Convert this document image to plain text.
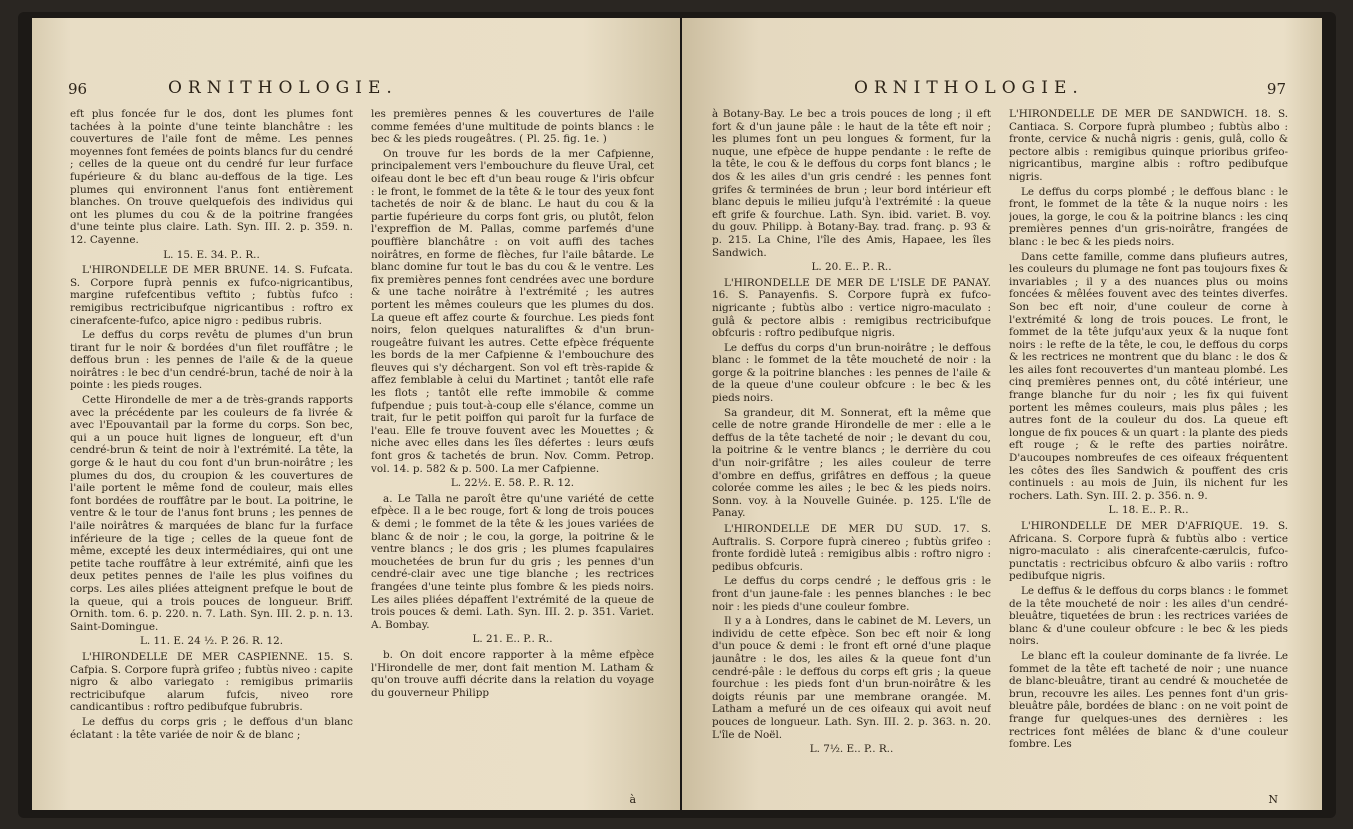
96	ORNITHOLOGIE.

eft plus foncée fur le dos, dont les plumes font tachées à la pointe d'une teinte blanchâtre : les couvertures de l'aile font de même. Les pennes moyennes font femées de points blancs fur du cendré ; celles de la queue ont du cendré fur leur furface fupérieure & du blanc au-deffous de la tige. Les plumes qui environnent l'anus font entièrement blanches. On trouve quelquefois des individus qui ont les plumes du cou & de la poitrine frangées d'une teinte plus claire. Lath. Syn. III. 2. p. 359. n. 12. Cayenne.

L. 15. E. 34. P.. R..

L'HIRONDELLE DE MER BRUNE. 14. S. Fufcata. S. Corpore fuprà pennis ex fufco-nigricantibus, margine rufefcentibus veftito ; fubtùs fufco : remigibus rectricibufque nigricantibus : roftro ex cinerafcente-fufco, apice nigro : pedibus rubris.

Le deffus du corps revêtu de plumes d'un brun tirant fur le noir & bordées d'un filet rouffâtre ; le deffous brun : les pennes de l'aile & de la queue noirâtres : le bec d'un cendré-brun, taché de noir à la pointe : les pieds rouges.

Cette Hirondelle de mer a de très-grands rapports avec la précédente par les couleurs de fa livrée & avec l'Epouvantail par la forme du corps. Son bec, qui a un pouce huit lignes de longueur, eft d'un cendré-brun & teint de noir à l'extrémité. La tête, la gorge & le haut du cou font d'un brun-noirâtre ; les plumes du dos, du croupion & les couvertures de l'aile portent le même fond de couleur, mais elles font bordées de rouffâtre par le bout. La poitrine, le ventre & le tour de l'anus font bruns ; les pennes de l'aile noirâtres & marquées de blanc fur la furface inférieure de la tige ; celles de la queue font de même, excepté les deux intermédiaires, qui ont une petite tache rouffâtre à leur extrémité, ainfi que les deux petites pennes de l'aile les plus voifines du corps. Les ailes pliées atteignent prefque le bout de la queue, qui a trois pouces de longueur. Briff. Ornith. tom. 6. p. 220. n. 7. Lath. Syn. III. 2. p. n. 13. Saint-Domingue.

L. 11. E. 24 ½. P. 26. R. 12.

L'HIRONDELLE DE MER CASPIENNE. 15. S. Cafpia. S. Corpore fuprà grifeo ; fubtùs niveo : capite nigro & albo variegato : remigibus primariis rectricibufque alarum fufcis, niveo rore candicantibus : roftro pedibufque fubrubris.

Le deffus du corps gris ; le deffous d'un blanc éclatant : la tête variée de noir & de blanc ;

les premières pennes & les couvertures de l'aile comme femées d'une multitude de points blancs : le bec & les pieds rougeâtres. ( Pl. 25. fig. 1e. )

On trouve fur les bords de la mer Cafpienne, principalement vers l'embouchure du fleuve Ural, cet oifeau dont le bec eft d'un beau rouge & l'iris obfcur : le front, le fommet de la tête & le tour des yeux font tachetés de noir & de blanc. Le haut du cou & la partie fupérieure du corps font gris, ou plutôt, felon l'expreffion de M. Pallas, comme parfemés d'une pouffière blanchâtre : on voit auffi des taches noirâtres, en forme de flèches, fur l'aile bâtarde. Le blanc domine fur tout le bas du cou & le ventre. Les fix premières pennes font cendrées avec une bordure & une tache noirâtre à l'extrémité ; les autres portent les mêmes couleurs que les plumes du dos. La queue eft affez courte & fourchue. Les pieds font noirs, felon quelques naturaliftes & d'un brun-rougeâtre fuivant les autres. Cette efpèce fréquente les bords de la mer Cafpienne & l'embouchure des fleuves qui s'y déchargent. Son vol eft très-rapide & affez femblable à celui du Martinet ; tantôt elle rafe les flots ; tantôt elle refte immobile & comme fufpendue ; puis tout-à-coup elle s'élance, comme un trait, fur le petit poiffon qui paroît fur la furface de l'eau. Elle fe trouve fouvent avec les Mouettes ; & niche avec elles dans les îles défertes : leurs œufs font gros & tachetés de brun. Nov. Comm. Petrop. vol. 14. p. 582 & p. 500. La mer Cafpienne.

L. 22½. E. 58. P.. R. 12.

a. Le Talla ne paroît être qu'une variété de cette efpèce. Il a le bec rouge, fort & long de trois pouces & demi ; le fommet de la tête & les joues variées de blanc & de noir ; le cou, la gorge, la poitrine & le ventre blancs ; le dos gris ; les plumes fcapulaires mouchetées de brun fur du gris ; les pennes d'un cendré-clair avec une tige blanche ; les rectrices frangées d'une teinte plus fombre & les pieds noirs. Les ailes pliées dépaffent l'extrémité de la queue de trois pouces & demi. Lath. Syn. III. 2. p. 351. Variet. A. Bombay.

L. 21. E.. P.. R..

b. On doit encore rapporter à la même efpèce l'Hirondelle de mer, dont fait mention M. Latham & qu'on trouve auffi décrite dans la relation du voyage du gouverneur Philipp

à
ORNITHOLOGIE.	97

à Botany-Bay. Le bec a trois pouces de long ; il eft fort & d'un jaune pâle : le haut de la tête eft noir ; les plumes font un peu longues & forment, fur la nuque, une efpèce de huppe pendante : le refte de la tête, le cou & le deffous du corps font blancs ; le dos & les ailes d'un gris cendré : les pennes font grifes & terminées de brun ; leur bord intérieur eft blanc depuis le milieu jufqu'à l'extrémité : la queue eft grife & fourchue. Lath. Syn. ibid. variet. B. voy. du gouv. Philipp. à Botany-Bay. trad. franç. p. 93 & p. 215. La Chine, l'île des Amis, Hapaee, les îles Sandwich.

L. 20. E.. P.. R..

L'HIRONDELLE DE MER DE L'ISLE DE PANAY. 16. S. Panayenfis. S. Corpore fuprà ex fufco-nigricante ; fubtùs albo : vertice nigro-maculato : gulâ & pectore albis : remigibus rectricibufque obfcuris : roftro pedibufque nigris.

Le deffus du corps d'un brun-noirâtre ; le deffous blanc : le fommet de la tête moucheté de noir : la gorge & la poitrine blanches : les pennes de l'aile & de la queue d'une couleur obfcure : le bec & les pieds noirs.

Sa grandeur, dit M. Sonnerat, eft la même que celle de notre grande Hirondelle de mer : elle a le deffus de la tête tacheté de noir ; le devant du cou, la poitrine & le ventre blancs ; le derrière du cou d'un noir-grifâtre ; les ailes couleur de terre d'ombre en deffus, grifâtres en deffous ; la queue colorée comme les ailes ; le bec & les pieds noirs. Sonn. voy. à la Nouvelle Guinée. p. 125. L'île de Panay.

L'HIRONDELLE DE MER DU SUD. 17. S. Auftralis. S. Corpore fuprà cinereo ; fubtùs grifeo : fronte fordidè luteâ : remigibus albis : roftro nigro : pedibus obfcuris.

Le deffus du corps cendré ; le deffous gris : le front d'un jaune-fale : les pennes blanches : le bec noir : les pieds d'une couleur fombre.

Il y a à Londres, dans le cabinet de M. Levers, un individu de cette efpèce. Son bec eft noir & long d'un pouce & demi : le front eft orné d'une plaque jaunâtre : le dos, les ailes & la queue font d'un cendré-pâle : le deffous du corps eft gris ; la queue fourchue : les pieds font d'un brun-noirâtre & les doigts réunis par une membrane orangée. M. Latham a mefuré un de ces oifeaux qui avoit neuf pouces de longueur. Lath. Syn. III. 2. p. 363. n. 20. L'île de Noël.

L. 7½. E.. P.. R..

L'HIRONDELLE DE MER DE SANDWICH. 18. S. Cantiaca. S. Corpore fuprà plumbeo ; fubtùs albo : fronte, cervice & nuchâ nigris : genis, gulâ, collo & pectore albis : remigibus quinque prioribus grifeo-nigricantibus, margine albis : roftro pedibufque nigris.

Le deffus du corps plombé ; le deffous blanc : le front, le fommet de la tête & la nuque noirs : les joues, la gorge, le cou & la poitrine blancs : les cinq premières pennes d'un gris-noirâtre, frangées de blanc : le bec & les pieds noirs.

Dans cette famille, comme dans plufieurs autres, les couleurs du plumage ne font pas toujours fixes & invariables ; il y a des nuances plus ou moins foncées & mêlées fouvent avec des teintes diverfes. Son bec eft noir, d'une couleur de corne à l'extrémité & long de trois pouces. Le front, le fommet de la tête jufqu'aux yeux & la nuque font noirs : le refte de la tête, le cou, le deffous du corps & les rectrices ne montrent que du blanc : le dos & les ailes font recouvertes d'un manteau plombé. Les cinq premières pennes ont, du côté intérieur, une frange blanche fur du noir ; les fix qui fuivent portent les mêmes couleurs, mais plus pâles ; les autres font de la couleur du dos. La queue eft longue de fix pouces & un quart : la plante des pieds eft rouge ; & le refte des parties noirâtre. D'aucoupes nombreufes de ces oifeaux fréquentent les côtes des îles Sandwich & pouffent des cris continuels : au mois de Juin, ils nichent fur les rochers. Lath. Syn. III. 2. p. 356. n. 9.

L. 18. E.. P.. R..

L'HIRONDELLE DE MER D'AFRIQUE. 19. S. Africana. S. Corpore fuprà & fubtùs albo : vertice nigro-maculato : alis cinerafcente-cærulcis, fufco-punctatis : rectricibus obfcuro & albo variis : roftro pedibufque nigris.

Le deffus & le deffous du corps blancs : le fommet de la tête moucheté de noir : les ailes d'un cendré-bleuâtre, tiquetées de brun : les rectrices variées de blanc & d'une couleur obfcure : le bec & les pieds noirs.

Le blanc eft la couleur dominante de fa livrée. Le fommet de la tête eft tacheté de noir ; une nuance de blanc-bleuâtre, tirant au cendré & mouchetée de brun, recouvre les ailes. Les pennes font d'un gris-bleuâtre pâle, bordées de blanc : on ne voit point de frange fur quelques-unes des dernières : les rectrices font mêlées de blanc & d'une couleur fombre. Les

N
